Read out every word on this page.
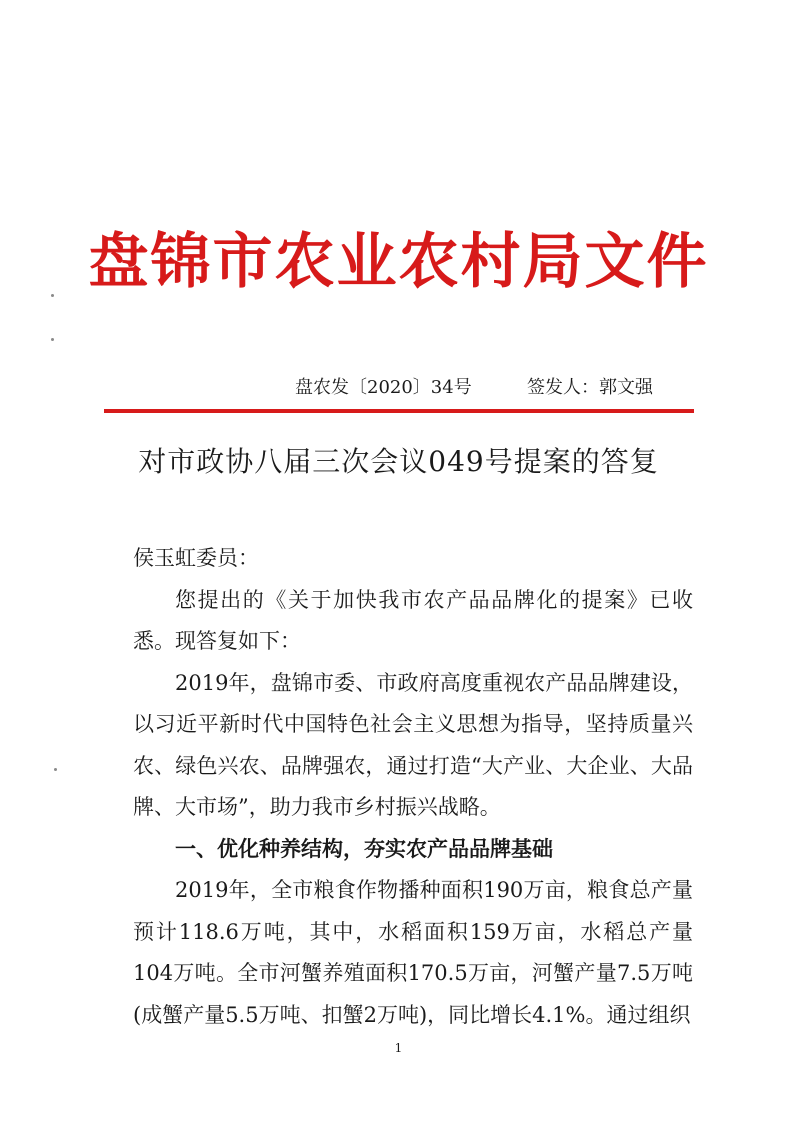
盘锦市农业农村局文件
盘农发〔2020〕34号	签发人：郭文强
对市政协八届三次会议049号提案的答复

侯玉虹委员：

您提出的《关于加快我市农产品品牌化的提案》已收悉。现答复如下：

2019年，盘锦市委、市政府高度重视农产品品牌建设，以习近平新时代中国特色社会主义思想为指导，坚持质量兴农、绿色兴农、品牌强农，通过打造“大产业、大企业、大品牌、大市场”，助力我市乡村振兴战略。

一、优化种养结构，夯实农产品品牌基础

2019年，全市粮食作物播种面积190万亩，粮食总产量预计118.6万吨，其中，水稻面积159万亩，水稻总产量104万吨。全市河蟹养殖面积170.5万亩，河蟹产量7.5万吨(成蟹产量5.5万吨、扣蟹2万吨)，同比增长4.1%。通过组织

1
